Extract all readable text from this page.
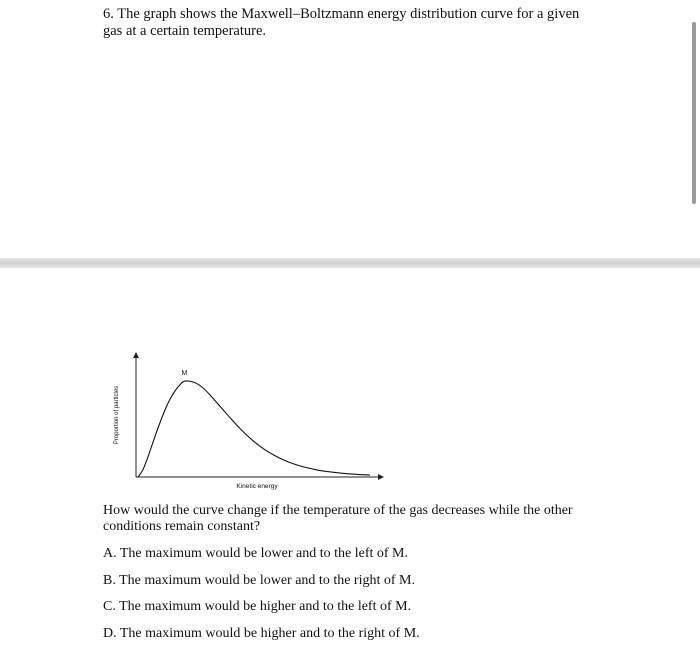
6. The graph shows the Maxwell–Boltzmann energy distribution curve for a given
gas at a certain temperature.

M
Kinetic energy
Proportion of particles

How would the curve change if the temperature of the gas decreases while the other
conditions remain constant?

A. The maximum would be lower and to the left of M.
B. The maximum would be lower and to the right of M.
C. The maximum would be higher and to the left of M.
D. The maximum would be higher and to the right of M.
